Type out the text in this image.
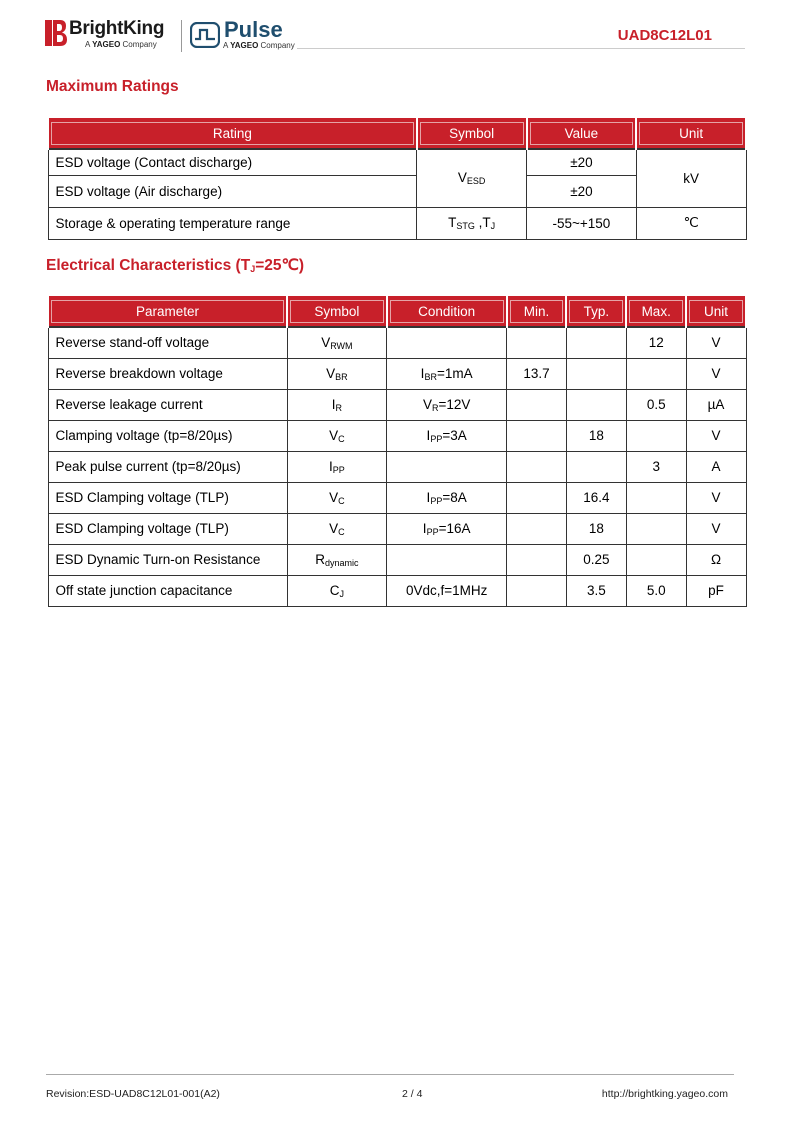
BrightKing
A YAGEO Company
Pulse
A YAGEO Company
UAD8C12L01
Maximum Ratings
Rating	Symbol	Value	Unit

ESD voltage (Contact discharge)	$V_{ESD}$	±20	kV
ESD voltage (Air discharge)		±20	
Storage & operating temperature range	$T_{STG}$ $,T_J$	-55~+150	℃
Electrical Characteristics $(T_J=25℃)$
Parameter	Symbol	Condition	Min.	Typ.	Max.	Unit

Reverse stand-off voltage	$V_{RWM}$				12	V
Reverse breakdown voltage	$V_{BR}$	$I_{BR}=1mA$	13.7			V
Reverse leakage current	$I_R$	$V_R=12V$			0.5	µA
Clamping voltage (tp=8/20µs)	$V_C$	$I_{PP}=3A$		18		V
Peak pulse current (tp=8/20µs)	$I_{PP}$				3	A
ESD Clamping voltage (TLP)	$V_C$	$I_{PP}=8A$		16.4		V
ESD Clamping voltage (TLP)	$V_C$	$I_{PP}=16A$		18		V
ESD Dynamic Turn-on Resistance	$R_{dynamic}$			0.25		Ω
Off state junction capacitance	$C_J$	0Vdc,f=1MHz		3.5	5.0	pF
Revision:ESD-UAD8C12L01-001(A2)	2 / 4	http://brightking.yageo.com
